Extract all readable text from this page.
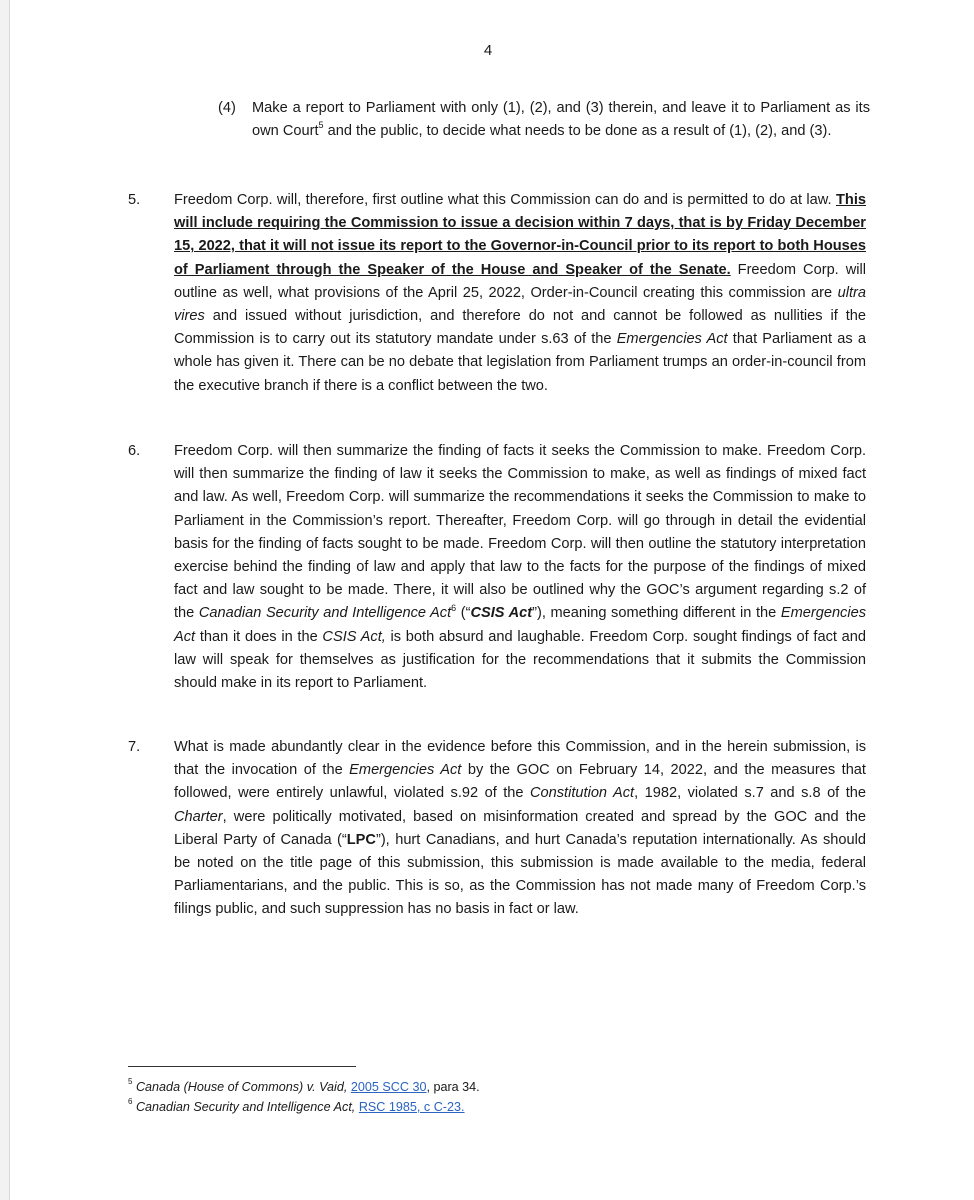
4
(4) Make a report to Parliament with only (1), (2), and (3) therein, and leave it to Parliament as its own Court$^5$ and the public, to decide what needs to be done as a result of (1), (2), and (3).
5. Freedom Corp. will, therefore, first outline what this Commission can do and is permitted to do at law. This will include requiring the Commission to issue a decision within 7 days, that is by Friday December 15, 2022, that it will not issue its report to the Governor-in-Council prior to its report to both Houses of Parliament through the Speaker of the House and Speaker of the Senate. Freedom Corp. will outline as well, what provisions of the April 25, 2022, Order-in-Council creating this commission are ultra vires and issued without jurisdiction, and therefore do not and cannot be followed as nullities if the Commission is to carry out its statutory mandate under s.63 of the Emergencies Act that Parliament as a whole has given it. There can be no debate that legislation from Parliament trumps an order-in-council from the executive branch if there is a conflict between the two.
6. Freedom Corp. will then summarize the finding of facts it seeks the Commission to make. Freedom Corp. will then summarize the finding of law it seeks the Commission to make, as well as findings of mixed fact and law. As well, Freedom Corp. will summarize the recommendations it seeks the Commission to make to Parliament in the Commission’s report. Thereafter, Freedom Corp. will go through in detail the evidential basis for the finding of facts sought to be made. Freedom Corp. will then outline the statutory interpretation exercise behind the finding of law and apply that law to the facts for the purpose of the findings of mixed fact and law sought to be made. There, it will also be outlined why the GOC’s argument regarding s.2 of the Canadian Security and Intelligence Act$^6$ (“CSIS Act”), meaning something different in the Emergencies Act than it does in the CSIS Act, is both absurd and laughable. Freedom Corp. sought findings of fact and law will speak for themselves as justification for the recommendations that it submits the Commission should make in its report to Parliament.
7. What is made abundantly clear in the evidence before this Commission, and in the herein submission, is that the invocation of the Emergencies Act by the GOC on February 14, 2022, and the measures that followed, were entirely unlawful, violated s.92 of the Constitution Act, 1982, violated s.7 and s.8 of the Charter, were politically motivated, based on misinformation created and spread by the GOC and the Liberal Party of Canada (“LPC”), hurt Canadians, and hurt Canada’s reputation internationally. As should be noted on the title page of this submission, this submission is made available to the media, federal Parliamentarians, and the public. This is so, as the Commission has not made many of Freedom Corp.’s filings public, and such suppression has no basis in fact or law.
$^5$ Canada (House of Commons) v. Vaid, 2005 SCC 30, para 34.
$^6$ Canadian Security and Intelligence Act, RSC 1985, c C-23.
